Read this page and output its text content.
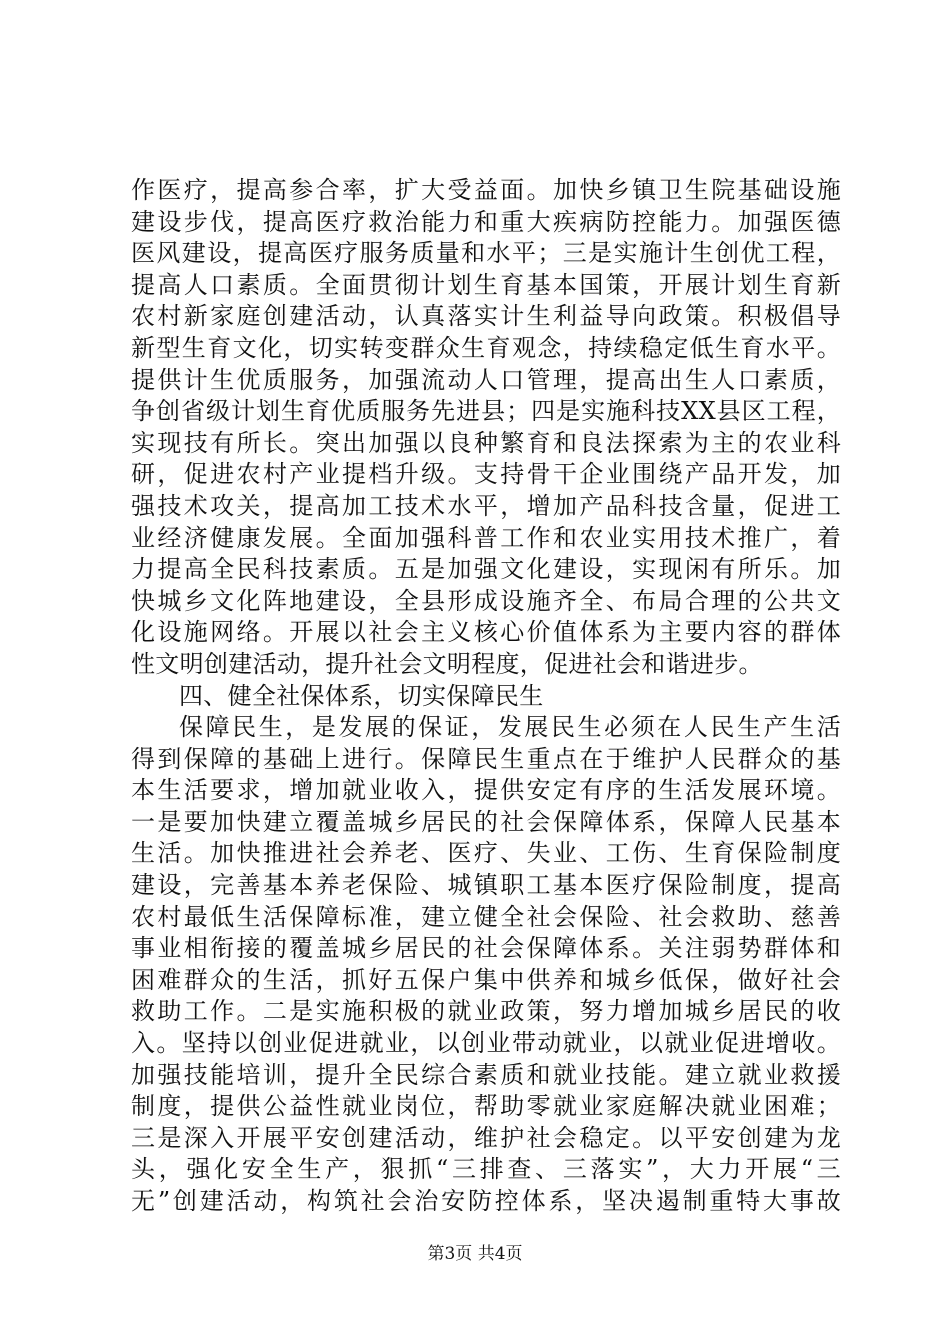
作医疗，提高参合率，扩大受益面。加快乡镇卫生院基础设施
建设步伐，提高医疗救治能力和重大疾病防控能力。加强医德
医风建设，提高医疗服务质量和水平；三是实施计生创优工程，
提高人口素质。全面贯彻计划生育基本国策，开展计划生育新
农村新家庭创建活动，认真落实计生利益导向政策。积极倡导
新型生育文化，切实转变群众生育观念，持续稳定低生育水平。
提供计生优质服务，加强流动人口管理，提高出生人口素质，
争创省级计划生育优质服务先进县；四是实施科技XX县区工程，
实现技有所长。突出加强以良种繁育和良法探索为主的农业科
研，促进农村产业提档升级。支持骨干企业围绕产品开发，加
强技术攻关，提高加工技术水平，增加产品科技含量，促进工
业经济健康发展。全面加强科普工作和农业实用技术推广，着
力提高全民科技素质。五是加强文化建设，实现闲有所乐。加
快城乡文化阵地建设，全县形成设施齐全、布局合理的公共文
化设施网络。开展以社会主义核心价值体系为主要内容的群体
性文明创建活动，提升社会文明程度，促进社会和谐进步。
四、健全社保体系，切实保障民生
保障民生，是发展的保证，发展民生必须在人民生产生活
得到保障的基础上进行。保障民生重点在于维护人民群众的基
本生活要求，增加就业收入，提供安定有序的生活发展环境。
一是要加快建立覆盖城乡居民的社会保障体系，保障人民基本
生活。加快推进社会养老、医疗、失业、工伤、生育保险制度
建设，完善基本养老保险、城镇职工基本医疗保险制度，提高
农村最低生活保障标准，建立健全社会保险、社会救助、慈善
事业相衔接的覆盖城乡居民的社会保障体系。关注弱势群体和
困难群众的生活，抓好五保户集中供养和城乡低保，做好社会
救助工作。二是实施积极的就业政策，努力增加城乡居民的收
入。坚持以创业促进就业，以创业带动就业，以就业促进增收。
加强技能培训，提升全民综合素质和就业技能。建立就业救援
制度，提供公益性就业岗位，帮助零就业家庭解决就业困难；
三是深入开展平安创建活动，维护社会稳定。以平安创建为龙
头，强化安全生产，狠抓“三排查、三落实”，大力开展“三
无”创建活动，构筑社会治安防控体系，坚决遏制重特大事故
第3页 共4页
